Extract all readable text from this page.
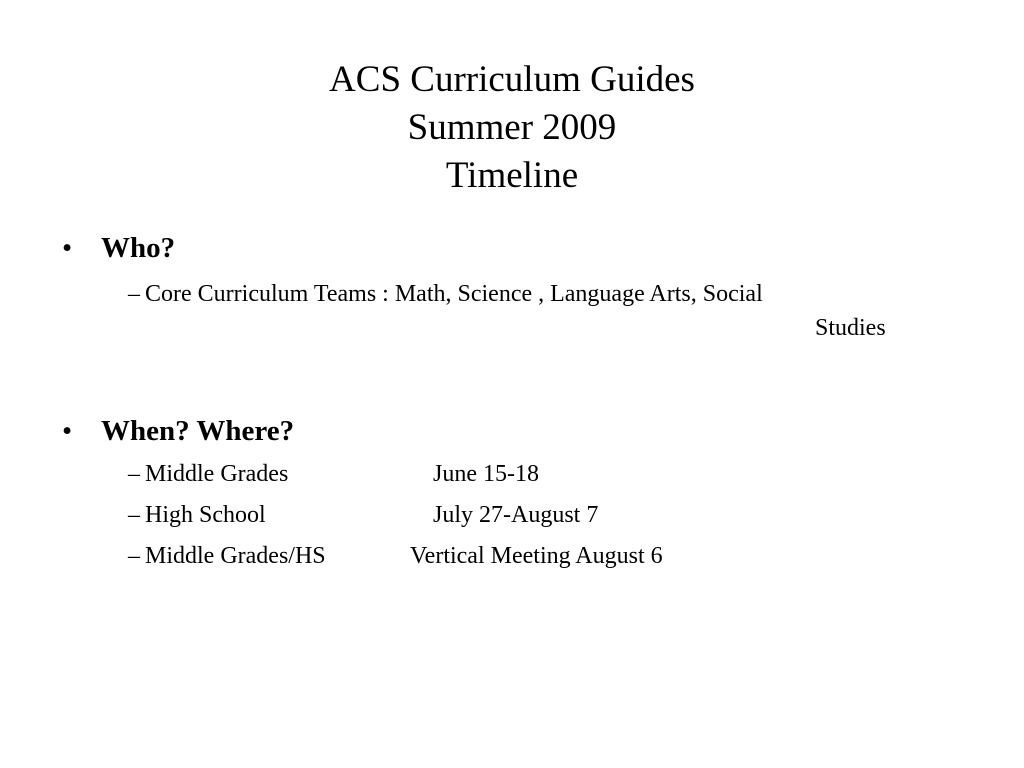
ACS Curriculum Guides
Summer 2009
Timeline
• Who?
– Core Curriculum Teams : Math, Science , Language Arts, Social
Studies
• When? Where?
– Middle Grades	June 15-18
– High School	July 27-August 7
– Middle Grades/HS	Vertical Meeting August 6
